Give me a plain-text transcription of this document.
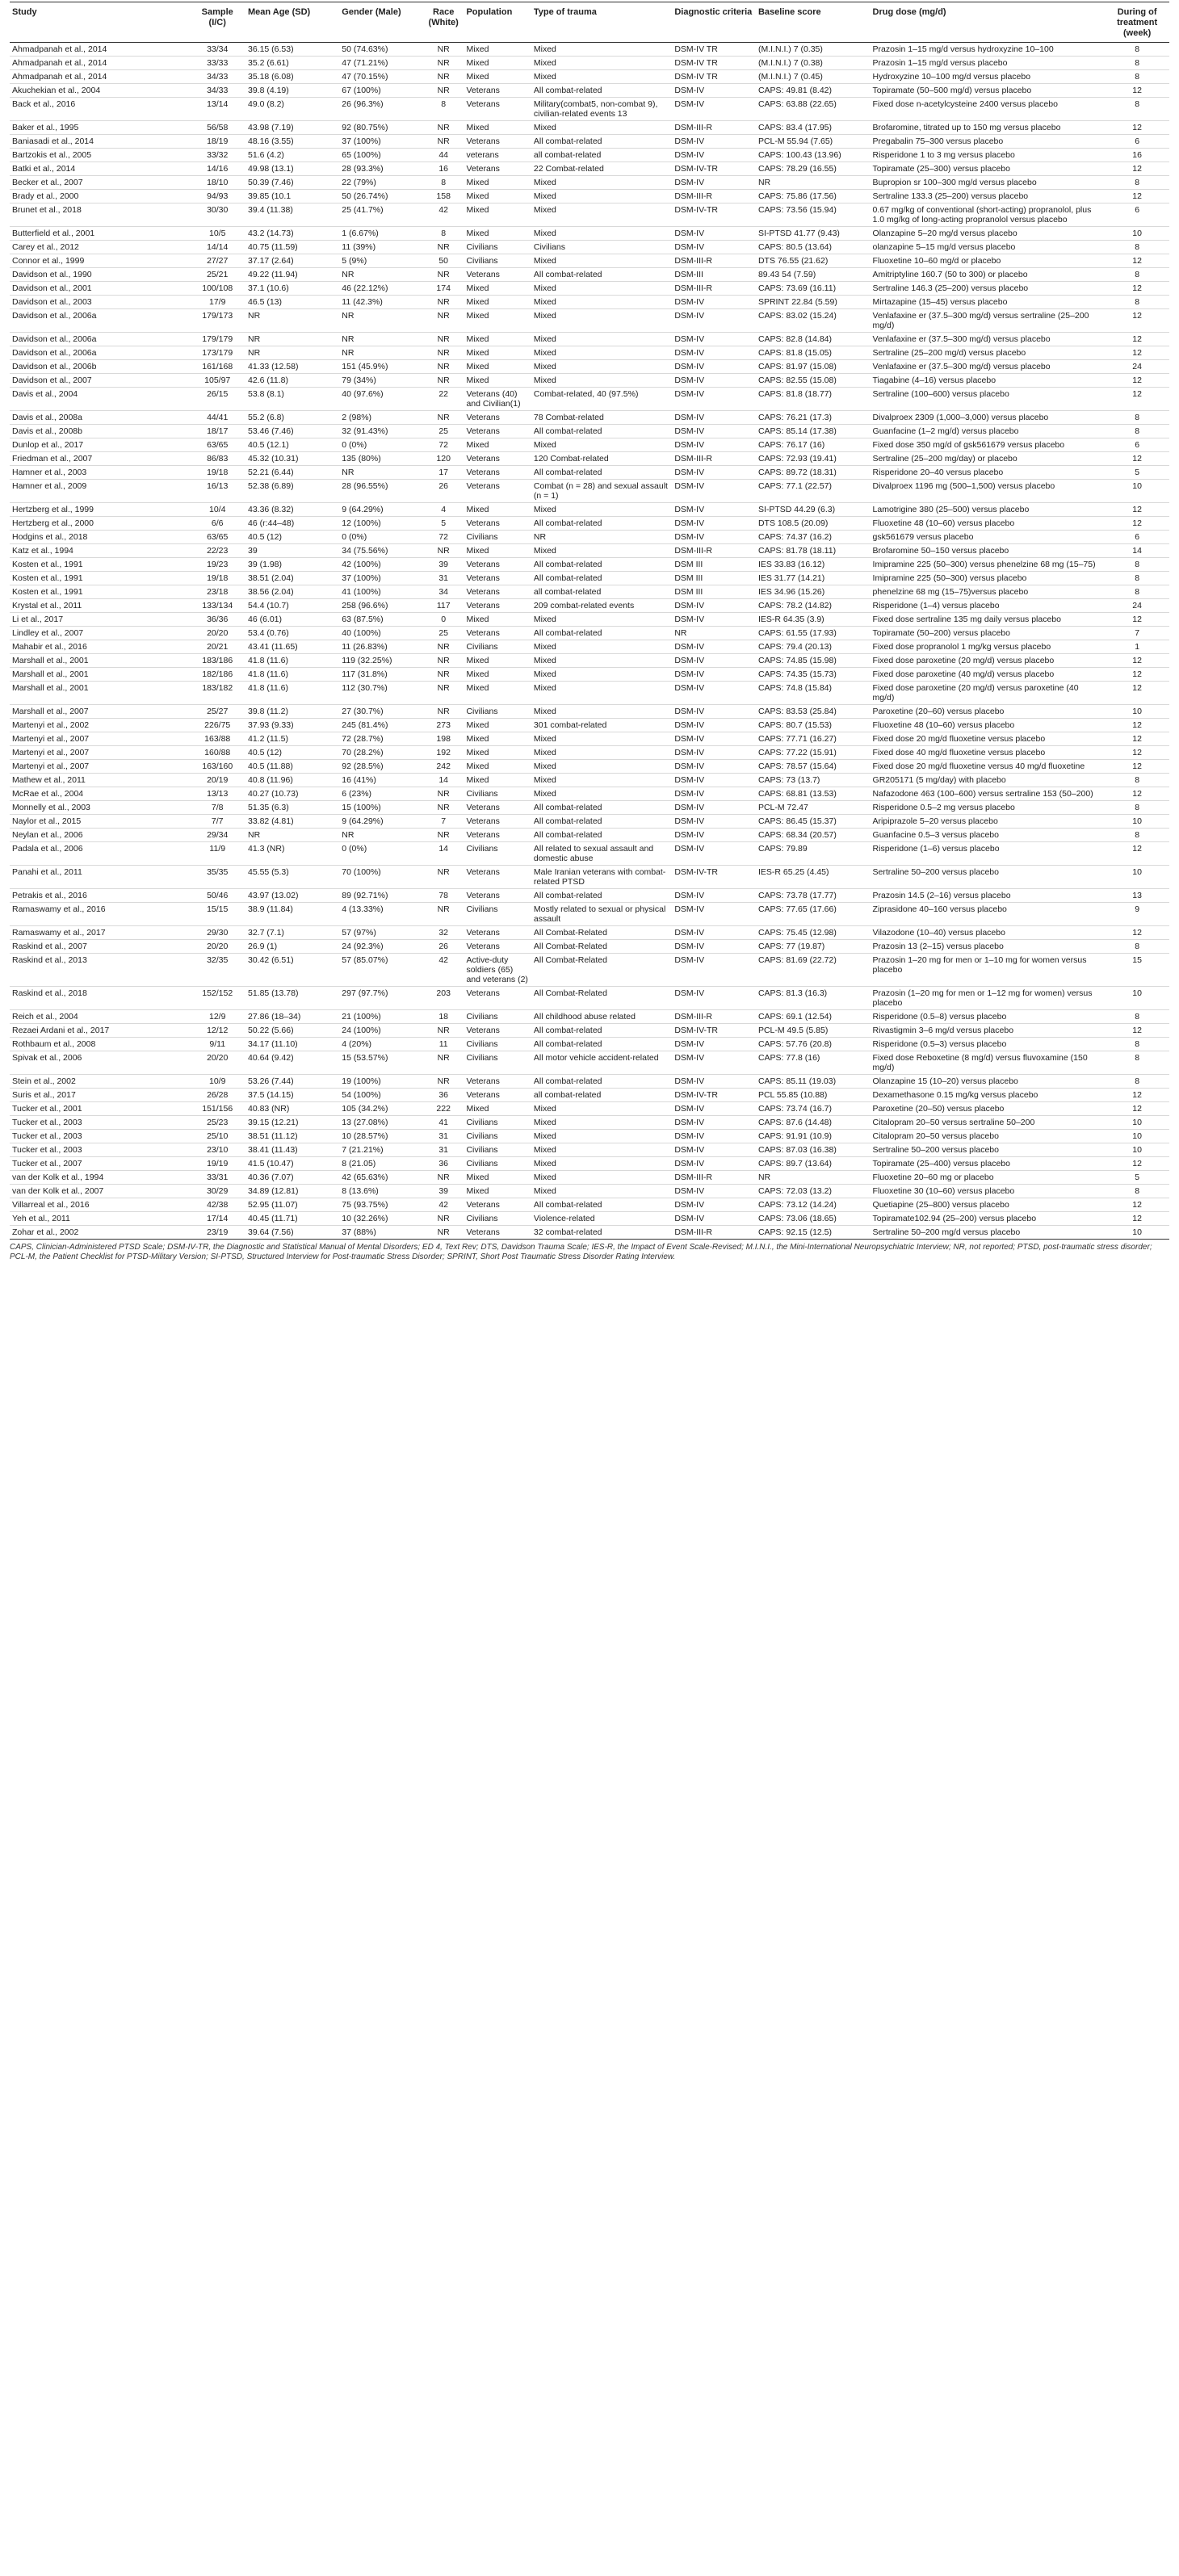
Study	Sample (I/C)	Mean Age (SD)	Gender (Male)	Race (White)	Population	Type of trauma	Diagnostic criteria	Baseline score	Drug dose (mg/d)	During of treatment (week)
Ahmadpanah et al., 2014	33/34	36.15 (6.53)	50 (74.63%)	NR	Mixed	Mixed	DSM-IV TR	(M.I.N.I.) 7 (0.35)	Prazosin 1–15 mg/d versus hydroxyzine 10–100	8
Ahmadpanah et al., 2014	33/33	35.2 (6.61)	47 (71.21%)	NR	Mixed	Mixed	DSM-IV TR	(M.I.N.I.) 7 (0.38)	Prazosin 1–15 mg/d versus placebo	8
Ahmadpanah et al., 2014	34/33	35.18 (6.08)	47 (70.15%)	NR	Mixed	Mixed	DSM-IV TR	(M.I.N.I.) 7 (0.45)	Hydroxyzine 10–100 mg/d versus placebo	8
Akuchekian et al., 2004	34/33	39.8 (4.19)	67 (100%)	NR	Veterans	All combat-related	DSM-IV	CAPS: 49.81 (8.42)	Topiramate (50–500 mg/d) versus placebo	12
Back et al., 2016	13/14	49.0 (8.2)	26 (96.3%)	8	Veterans	Military(combat5, non-combat 9), civilian-related events 13	DSM-IV	CAPS: 63.88 (22.65)	Fixed dose n-acetylcysteine 2400 versus placebo	8
Baker et al., 1995	56/58	43.98 (7.19)	92 (80.75%)	NR	Mixed	Mixed	DSM-III-R	CAPS: 83.4 (17.95)	Brofaromine, titrated up to 150 mg versus placebo	12
Baniasadi et al., 2014	18/19	48.16 (3.55)	37 (100%)	NR	Veterans	All combat-related	DSM-IV	PCL-M 55.94 (7.65)	Pregabalin 75–300 versus placebo	6
Bartzokis et al., 2005	33/32	51.6 (4.2)	65 (100%)	44	veterans	all combat-related	DSM-IV	CAPS: 100.43 (13.96)	Risperidone 1 to 3 mg versus placebo	16
Batki et al., 2014	14/16	49.98 (13.1)	28 (93.3%)	16	Veterans	22 Combat-related	DSM-IV-TR	CAPS: 78.29 (16.55)	Topiramate (25–300) versus placebo	12
Becker et al., 2007	18/10	50.39 (7.46)	22 (79%)	8	Mixed	Mixed	DSM-IV	NR	Bupropion sr 100–300 mg/d versus placebo	8
Brady et al., 2000	94/93	39.85 (10.1	50 (26.74%)	158	Mixed	Mixed	DSM-III-R	CAPS: 75.86 (17.56)	Sertraline 133.3 (25–200) versus placebo	12
Brunet et al., 2018	30/30	39.4 (11.38)	25 (41.7%)	42	Mixed	Mixed	DSM-IV-TR	CAPS: 73.56 (15.94)	0.67 mg/kg of conventional (short-acting) propranolol, plus 1.0 mg/kg of long-acting propranolol versus placebo	6
Butterfield et al., 2001	10/5	43.2 (14.73)	1 (6.67%)	8	Mixed	Mixed	DSM-IV	SI-PTSD 41.77 (9.43)	Olanzapine 5–20 mg/d versus placebo	10
Carey et al., 2012	14/14	40.75 (11.59)	11 (39%)	NR	Civilians	Civilians	DSM-IV	CAPS: 80.5 (13.64)	olanzapine 5–15 mg/d versus placebo	8
Connor et al., 1999	27/27	37.17 (2.64)	5 (9%)	50	Civilians	Mixed	DSM-III-R	DTS 76.55 (21.62)	Fluoxetine 10–60 mg/d or placebo	12
Davidson et al., 1990	25/21	49.22 (11.94)	NR	NR	Veterans	All combat-related	DSM-III	89.43 54 (7.59)	Amitriptyline 160.7 (50 to 300) or placebo	8
Davidson et al., 2001	100/108	37.1 (10.6)	46 (22.12%)	174	Mixed	Mixed	DSM-III-R	CAPS: 73.69 (16.11)	Sertraline 146.3 (25–200) versus placebo	12
Davidson et al., 2003	17/9	46.5 (13)	11 (42.3%)	NR	Mixed	Mixed	DSM-IV	SPRINT 22.84 (5.59)	Mirtazapine (15–45) versus placebo	8
Davidson et al., 2006a	179/173	NR	NR	NR	Mixed	Mixed	DSM-IV	CAPS: 83.02 (15.24)	Venlafaxine er (37.5–300 mg/d) versus sertraline (25–200 mg/d)	12
Davidson et al., 2006a	179/179	NR	NR	NR	Mixed	Mixed	DSM-IV	CAPS: 82.8 (14.84)	Venlafaxine er (37.5–300 mg/d) versus placebo	12
Davidson et al., 2006a	173/179	NR	NR	NR	Mixed	Mixed	DSM-IV	CAPS: 81.8 (15.05)	Sertraline (25–200 mg/d) versus placebo	12
Davidson et al., 2006b	161/168	41.33 (12.58)	151 (45.9%)	NR	Mixed	Mixed	DSM-IV	CAPS: 81.97 (15.08)	Venlafaxine er (37.5–300 mg/d) versus placebo	24
Davidson et al., 2007	105/97	42.6 (11.8)	79 (34%)	NR	Mixed	Mixed	DSM-IV	CAPS: 82.55 (15.08)	Tiagabine (4–16) versus placebo	12
Davis et al., 2004	26/15	53.8 (8.1)	40 (97.6%)	22	Veterans (40) and Civilian(1)	Combat-related, 40 (97.5%)	DSM-IV	CAPS: 81.8 (18.77)	Sertraline (100–600) versus placebo	12
Davis et al., 2008a	44/41	55.2 (6.8)	2 (98%)	NR	Veterans	78 Combat-related	DSM-IV	CAPS: 76.21 (17.3)	Divalproex 2309 (1,000–3,000) versus placebo	8
Davis et al., 2008b	18/17	53.46 (7.46)	32 (91.43%)	25	Veterans	All combat-related	DSM-IV	CAPS: 85.14 (17.38)	Guanfacine (1–2 mg/d) versus placebo	8
Dunlop et al., 2017	63/65	40.5 (12.1)	0 (0%)	72	Mixed	Mixed	DSM-IV	CAPS: 76.17 (16)	Fixed dose 350 mg/d of gsk561679 versus placebo	6
Friedman et al., 2007	86/83	45.32 (10.31)	135 (80%)	120	Veterans	120 Combat-related	DSM-III-R	CAPS: 72.93 (19.41)	Sertraline (25–200 mg/day) or placebo	12
Hamner et al., 2003	19/18	52.21 (6.44)	NR	17	Veterans	All combat-related	DSM-IV	CAPS: 89.72 (18.31)	Risperidone 20–40 versus placebo	5
Hamner et al., 2009	16/13	52.38 (6.89)	28 (96.55%)	26	Veterans	Combat (n = 28) and sexual assault (n = 1)	DSM-IV	CAPS: 77.1 (22.57)	Divalproex 1196 mg (500–1,500) versus placebo	10
Hertzberg et al., 1999	10/4	43.36 (8.32)	9 (64.29%)	4	Mixed	Mixed	DSM-IV	SI-PTSD 44.29 (6.3)	Lamotrigine 380 (25–500) versus placebo	12
Hertzberg et al., 2000	6/6	46 (r:44–48)	12 (100%)	5	Veterans	All combat-related	DSM-IV	DTS 108.5 (20.09)	Fluoxetine 48 (10–60) versus placebo	12
Hodgins et al., 2018	63/65	40.5 (12)	0 (0%)	72	Civilians	NR	DSM-IV	CAPS: 74.37 (16.2)	gsk561679 versus placebo	6
Katz et al., 1994	22/23	39	34 (75.56%)	NR	Mixed	Mixed	DSM-III-R	CAPS: 81.78 (18.11)	Brofaromine 50–150 versus placebo	14
Kosten et al., 1991	19/23	39 (1.98)	42 (100%)	39	Veterans	All combat-related	DSM III	IES 33.83 (16.12)	Imipramine 225 (50–300) versus phenelzine 68 mg (15–75)	8
Kosten et al., 1991	19/18	38.51 (2.04)	37 (100%)	31	Veterans	All combat-related	DSM III	IES 31.77 (14.21)	Imipramine 225 (50–300) versus placebo	8
Kosten et al., 1991	23/18	38.56 (2.04)	41 (100%)	34	Veterans	all combat-related	DSM III	IES 34.96 (15.26)	phenelzine 68 mg (15–75)versus placebo	8
Krystal et al., 2011	133/134	54.4 (10.7)	258 (96.6%)	117	Veterans	209 combat-related events	DSM-IV	CAPS: 78.2 (14.82)	Risperidone (1–4) versus placebo	24
Li et al., 2017	36/36	46 (6.01)	63 (87.5%)	0	Mixed	Mixed	DSM-IV	IES-R 64.35 (3.9)	Fixed dose sertraline 135 mg daily versus placebo	12
Lindley et al., 2007	20/20	53.4 (0.76)	40 (100%)	25	Veterans	All combat-related	NR	CAPS: 61.55 (17.93)	Topiramate (50–200) versus placebo	7
Mahabir et al., 2016	20/21	43.41 (11.65)	11 (26.83%)	NR	Civilians	Mixed	DSM-IV	CAPS: 79.4 (20.13)	Fixed dose propranolol 1 mg/kg versus placebo	1
Marshall et al., 2001	183/186	41.8 (11.6)	119 (32.25%)	NR	Mixed	Mixed	DSM-IV	CAPS: 74.85 (15.98)	Fixed dose paroxetine (20 mg/d) versus placebo	12
Marshall et al., 2001	182/186	41.8 (11.6)	117 (31.8%)	NR	Mixed	Mixed	DSM-IV	CAPS: 74.35 (15.73)	Fixed dose paroxetine (40 mg/d) versus placebo	12
Marshall et al., 2001	183/182	41.8 (11.6)	112 (30.7%)	NR	Mixed	Mixed	DSM-IV	CAPS: 74.8 (15.84)	Fixed dose paroxetine (20 mg/d) versus paroxetine (40 mg/d)	12
Marshall et al., 2007	25/27	39.8 (11.2)	27 (30.7%)	NR	Civilians	Mixed	DSM-IV	CAPS: 83.53 (25.84)	Paroxetine (20–60) versus placebo	10
Martenyi et al., 2002	226/75	37.93 (9.33)	245 (81.4%)	273	Mixed	301 combat-related	DSM-IV	CAPS: 80.7 (15.53)	Fluoxetine 48 (10–60) versus placebo	12
Martenyi et al., 2007	163/88	41.2 (11.5)	72 (28.7%)	198	Mixed	Mixed	DSM-IV	CAPS: 77.71 (16.27)	Fixed dose 20 mg/d fluoxetine versus placebo	12
Martenyi et al., 2007	160/88	40.5 (12)	70 (28.2%)	192	Mixed	Mixed	DSM-IV	CAPS: 77.22 (15.91)	Fixed dose 40 mg/d fluoxetine versus placebo	12
Martenyi et al., 2007	163/160	40.5 (11.88)	92 (28.5%)	242	Mixed	Mixed	DSM-IV	CAPS: 78.57 (15.64)	Fixed dose 20 mg/d fluoxetine versus 40 mg/d fluoxetine	12
Mathew et al., 2011	20/19	40.8 (11.96)	16 (41%)	14	Mixed	Mixed	DSM-IV	CAPS: 73 (13.7)	GR205171 (5 mg/day) with placebo	8
McRae et al., 2004	13/13	40.27 (10.73)	6 (23%)	NR	Civilians	Mixed	DSM-IV	CAPS: 68.81 (13.53)	Nafazodone 463 (100–600) versus sertraline 153 (50–200)	12
Monnelly et al., 2003	7/8	51.35 (6.3)	15 (100%)	NR	Veterans	All combat-related	DSM-IV	PCL-M 72.47	Risperidone 0.5–2 mg versus placebo	8
Naylor et al., 2015	7/7	33.82 (4.81)	9 (64.29%)	7	Veterans	All combat-related	DSM-IV	CAPS: 86.45 (15.37)	Aripiprazole 5–20 versus placebo	10
Neylan et al., 2006	29/34	NR	NR	NR	Veterans	All combat-related	DSM-IV	CAPS: 68.34 (20.57)	Guanfacine 0.5–3 versus placebo	8
Padala et al., 2006	11/9	41.3 (NR)	0 (0%)	14	Civilians	All related to sexual assault and domestic abuse	DSM-IV	CAPS: 79.89	Risperidone (1–6) versus placebo	12
Panahi et al., 2011	35/35	45.55 (5.3)	70 (100%)	NR	Veterans	Male Iranian veterans with combat-related PTSD	DSM-IV-TR	IES-R 65.25 (4.45)	Sertraline 50–200 versus placebo	10
Petrakis et al., 2016	50/46	43.97 (13.02)	89 (92.71%)	78	Veterans	All combat-related	DSM-IV	CAPS: 73.78 (17.77)	Prazosin 14.5 (2–16) versus placebo	13
Ramaswamy et al., 2016	15/15	38.9 (11.84)	4 (13.33%)	NR	Civilians	Mostly related to sexual or physical assault	DSM-IV	CAPS: 77.65 (17.66)	Ziprasidone 40–160 versus placebo	9
Ramaswamy et al., 2017	29/30	32.7 (7.1)	57 (97%)	32	Veterans	All Combat-Related	DSM-IV	CAPS: 75.45 (12.98)	Vilazodone (10–40) versus placebo	12
Raskind et al., 2007	20/20	26.9 (1)	24 (92.3%)	26	Veterans	All Combat-Related	DSM-IV	CAPS: 77 (19.87)	Prazosin 13 (2–15) versus placebo	8
Raskind et al., 2013	32/35	30.42 (6.51)	57 (85.07%)	42	Active-duty soldiers (65) and veterans (2)	All Combat-Related	DSM-IV	CAPS: 81.69 (22.72)	Prazosin 1–20 mg for men or 1–10 mg for women versus placebo	15
Raskind et al., 2018	152/152	51.85 (13.78)	297 (97.7%)	203	Veterans	All Combat-Related	DSM-IV	CAPS: 81.3 (16.3)	Prazosin (1–20 mg for men or 1–12 mg for women) versus placebo	10
Reich et al., 2004	12/9	27.86 (18–34)	21 (100%)	18	Civilians	All childhood abuse related	DSM-III-R	CAPS: 69.1 (12.54)	Risperidone (0.5–8) versus placebo	8
Rezaei Ardani et al., 2017	12/12	50.22 (5.66)	24 (100%)	NR	Veterans	All combat-related	DSM-IV-TR	PCL-M 49.5 (5.85)	Rivastigmin 3–6 mg/d versus placebo	12
Rothbaum et al., 2008	9/11	34.17 (11.10)	4 (20%)	11	Civilians	All combat-related	DSM-IV	CAPS: 57.76 (20.8)	Risperidone (0.5–3) versus placebo	8
Spivak et al., 2006	20/20	40.64 (9.42)	15 (53.57%)	NR	Civilians	All motor vehicle accident-related	DSM-IV	CAPS: 77.8 (16)	Fixed dose Reboxetine (8 mg/d) versus fluvoxamine (150 mg/d)	8
Stein et al., 2002	10/9	53.26 (7.44)	19 (100%)	NR	Veterans	All combat-related	DSM-IV	CAPS: 85.11 (19.03)	Olanzapine 15 (10–20) versus placebo	8
Suris et al., 2017	26/28	37.5 (14.15)	54 (100%)	36	Veterans	all combat-related	DSM-IV-TR	PCL 55.85 (10.88)	Dexamethasone 0.15 mg/kg versus placebo	12
Tucker et al., 2001	151/156	40.83 (NR)	105 (34.2%)	222	Mixed	Mixed	DSM-IV	CAPS: 73.74 (16.7)	Paroxetine (20–50) versus placebo	12
Tucker et al., 2003	25/23	39.15 (12.21)	13 (27.08%)	41	Civilians	Mixed	DSM-IV	CAPS: 87.6 (14.48)	Citalopram 20–50 versus sertraline 50–200	10
Tucker et al., 2003	25/10	38.51 (11.12)	10 (28.57%)	31	Civilians	Mixed	DSM-IV	CAPS: 91.91 (10.9)	Citalopram 20–50 versus placebo	10
Tucker et al., 2003	23/10	38.41 (11.43)	7 (21.21%)	31	Civilians	Mixed	DSM-IV	CAPS: 87.03 (16.38)	Sertraline 50–200 versus placebo	10
Tucker et al., 2007	19/19	41.5 (10.47)	8 (21.05)	36	Civilians	Mixed	DSM-IV	CAPS: 89.7 (13.64)	Topiramate (25–400) versus placebo	12
van der Kolk et al., 1994	33/31	40.36 (7.07)	42 (65.63%)	NR	Mixed	Mixed	DSM-III-R	NR	Fluoxetine 20–60 mg or placebo	5
van der Kolk et al., 2007	30/29	34.89 (12.81)	8 (13.6%)	39	Mixed	Mixed	DSM-IV	CAPS: 72.03 (13.2)	Fluoxetine 30 (10–60) versus placebo	8
Villarreal et al., 2016	42/38	52.95 (11.07)	75 (93.75%)	42	Veterans	All combat-related	DSM-IV	CAPS: 73.12 (14.24)	Quetiapine (25–800) versus placebo	12
Yeh et al., 2011	17/14	40.45 (11.71)	10 (32.26%)	NR	Civilians	Violence-related	DSM-IV	CAPS: 73.06 (18.65)	Topiramate102.94 (25–200) versus placebo	12
Zohar et al., 2002	23/19	39.64 (7.56)	37 (88%)	NR	Veterans	32 combat-related	DSM-III-R	CAPS: 92.15 (12.5)	Sertraline 50–200 mg/d versus placebo	10
CAPS, Clinician-Administered PTSD Scale; DSM-IV-TR, the Diagnostic and Statistical Manual of Mental Disorders; ED 4, Text Rev; DTS, Davidson Trauma Scale; IES-R, the Impact of Event Scale-Revised; M.I.N.I., the Mini-International Neuropsychiatric Interview; NR, not reported; PTSD, post-traumatic stress disorder; PCL-M, the Patient Checklist for PTSD-Military Version; SI-PTSD, Structured Interview for Post-traumatic Stress Disorder; SPRINT, Short Post Traumatic Stress Disorder Rating Interview.
